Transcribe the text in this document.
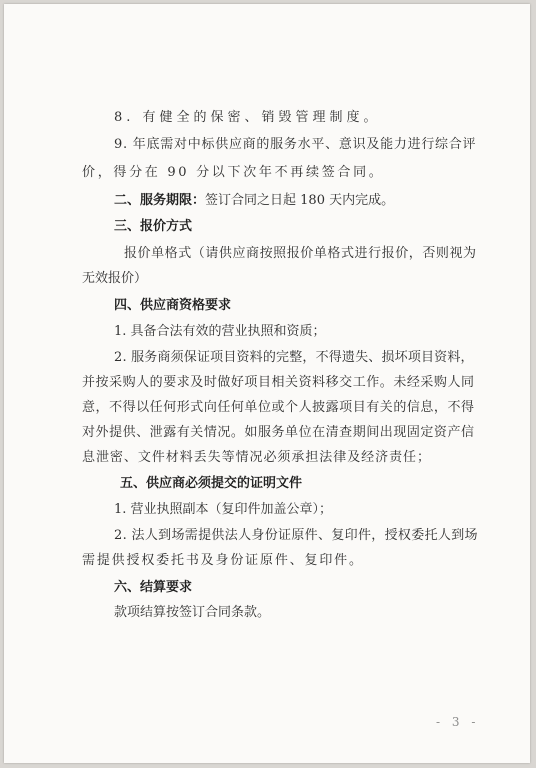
8. 有健全的保密、销毁管理制度。
9. 年底需对中标供应商的服务水平、意识及能力进行综合评
价，得分在 90 分以下次年不再续签合同。
二、服务期限：签订合同之日起 180 天内完成。
三、报价方式
报价单格式（请供应商按照报价单格式进行报价，否则视为
无效报价）
四、供应商资格要求
1. 具备合法有效的营业执照和资质；
2. 服务商须保证项目资料的完整，不得遗失、损坏项目资料，
并按采购人的要求及时做好项目相关资料移交工作。未经采购人同
意，不得以任何形式向任何单位或个人披露项目有关的信息，不得
对外提供、泄露有关情况。如服务单位在清查期间出现固定资产信
息泄密、文件材料丢失等情况必须承担法律及经济责任；
五、供应商必须提交的证明文件
1. 营业执照副本（复印件加盖公章）；
2. 法人到场需提供法人身份证原件、复印件，授权委托人到场
需提供授权委托书及身份证原件、复印件。
六、结算要求
款项结算按签订合同条款。
- 3 -
